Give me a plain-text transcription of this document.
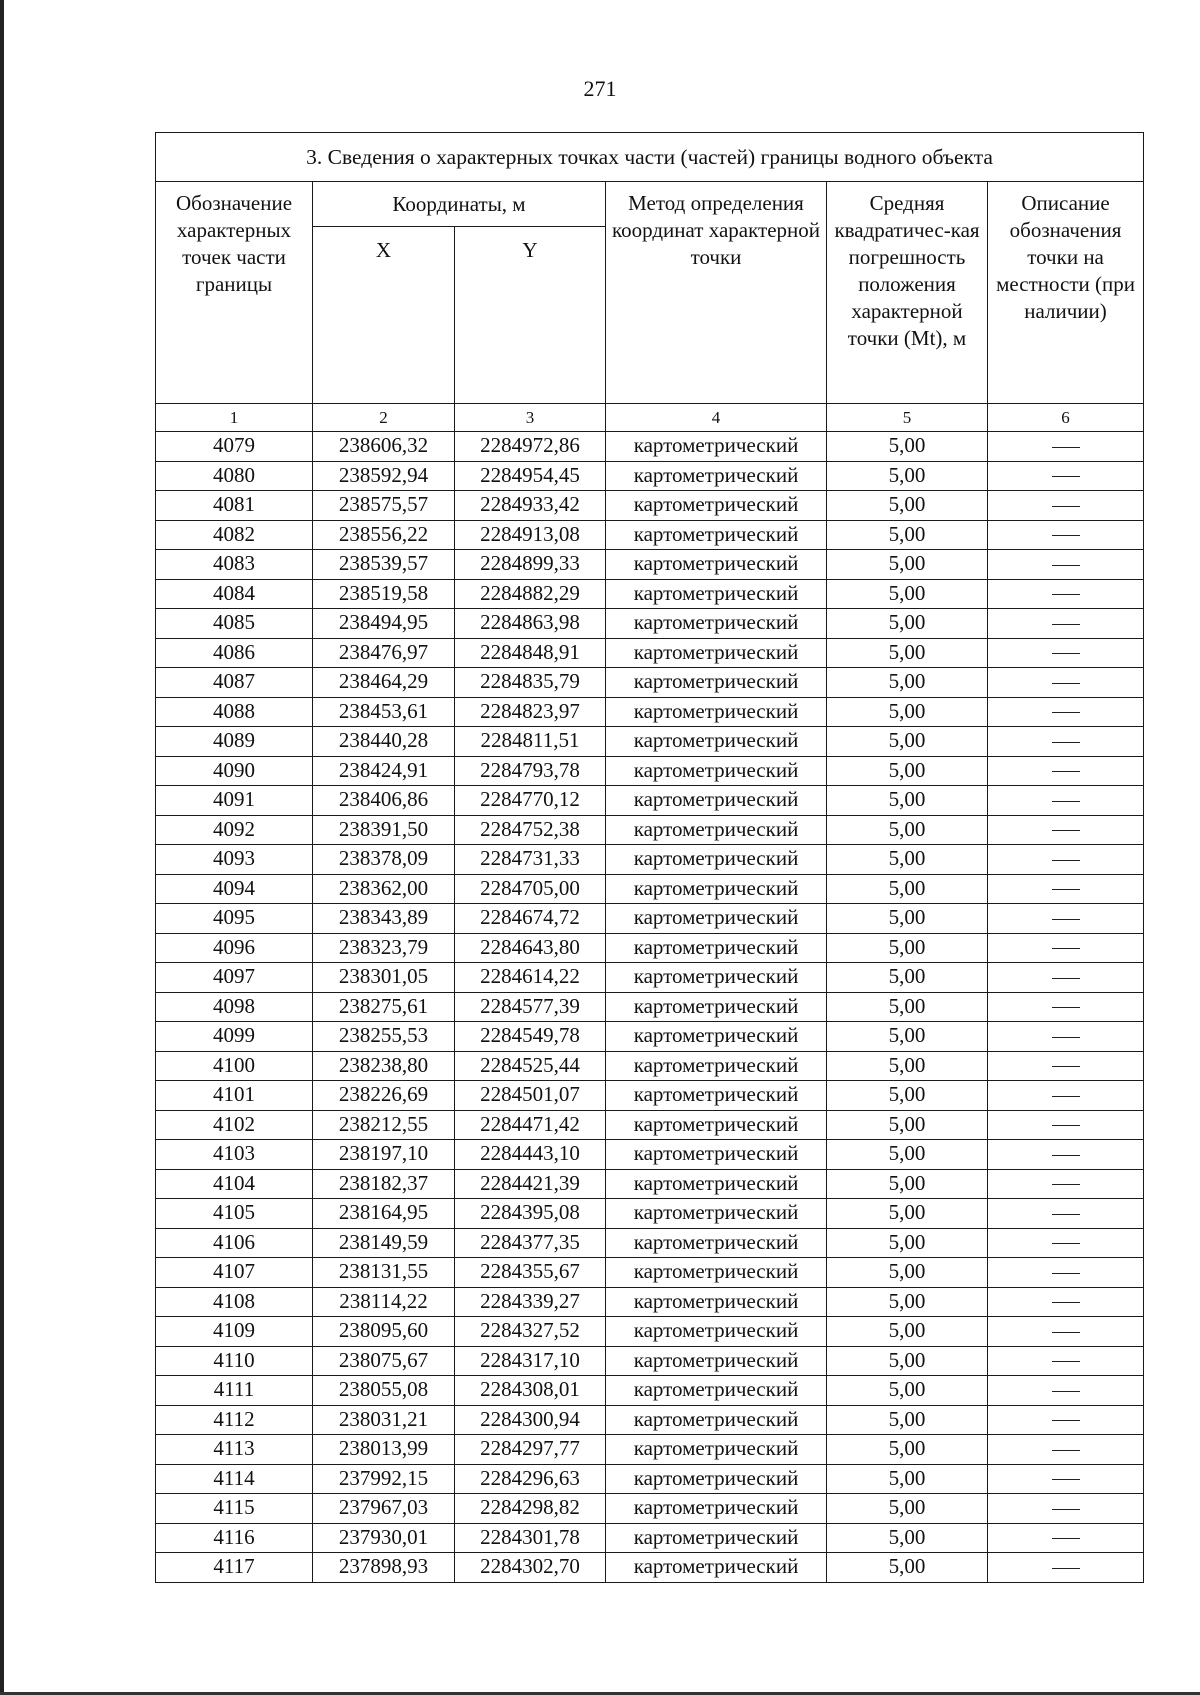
271
3. Сведения о характерных точках части (частей) границы водного объекта					
Обозначение характерных точек части границы	Координаты, м		Метод определения координат характерной точки	Средняя квадратичес-кая погрешность положения характерной точки (Mt), м	Описание обозначения точки на местности (при наличии)
	X	Y			
1	2	3	4	5	6
4079	238606,32	2284972,86	картометрический	5,00	
4080	238592,94	2284954,45	картометрический	5,00	
4081	238575,57	2284933,42	картометрический	5,00	
4082	238556,22	2284913,08	картометрический	5,00	
4083	238539,57	2284899,33	картометрический	5,00	
4084	238519,58	2284882,29	картометрический	5,00	
4085	238494,95	2284863,98	картометрический	5,00	
4086	238476,97	2284848,91	картометрический	5,00	
4087	238464,29	2284835,79	картометрический	5,00	
4088	238453,61	2284823,97	картометрический	5,00	
4089	238440,28	2284811,51	картометрический	5,00	
4090	238424,91	2284793,78	картометрический	5,00	
4091	238406,86	2284770,12	картометрический	5,00	
4092	238391,50	2284752,38	картометрический	5,00	
4093	238378,09	2284731,33	картометрический	5,00	
4094	238362,00	2284705,00	картометрический	5,00	
4095	238343,89	2284674,72	картометрический	5,00	
4096	238323,79	2284643,80	картометрический	5,00	
4097	238301,05	2284614,22	картометрический	5,00	
4098	238275,61	2284577,39	картометрический	5,00	
4099	238255,53	2284549,78	картометрический	5,00	
4100	238238,80	2284525,44	картометрический	5,00	
4101	238226,69	2284501,07	картометрический	5,00	
4102	238212,55	2284471,42	картометрический	5,00	
4103	238197,10	2284443,10	картометрический	5,00	
4104	238182,37	2284421,39	картометрический	5,00	
4105	238164,95	2284395,08	картометрический	5,00	
4106	238149,59	2284377,35	картометрический	5,00	
4107	238131,55	2284355,67	картометрический	5,00	
4108	238114,22	2284339,27	картометрический	5,00	
4109	238095,60	2284327,52	картометрический	5,00	
4110	238075,67	2284317,10	картометрический	5,00	
4111	238055,08	2284308,01	картометрический	5,00	
4112	238031,21	2284300,94	картометрический	5,00	
4113	238013,99	2284297,77	картометрический	5,00	
4114	237992,15	2284296,63	картометрический	5,00	
4115	237967,03	2284298,82	картометрический	5,00	
4116	237930,01	2284301,78	картометрический	5,00	
4117	237898,93	2284302,70	картометрический	5,00	
